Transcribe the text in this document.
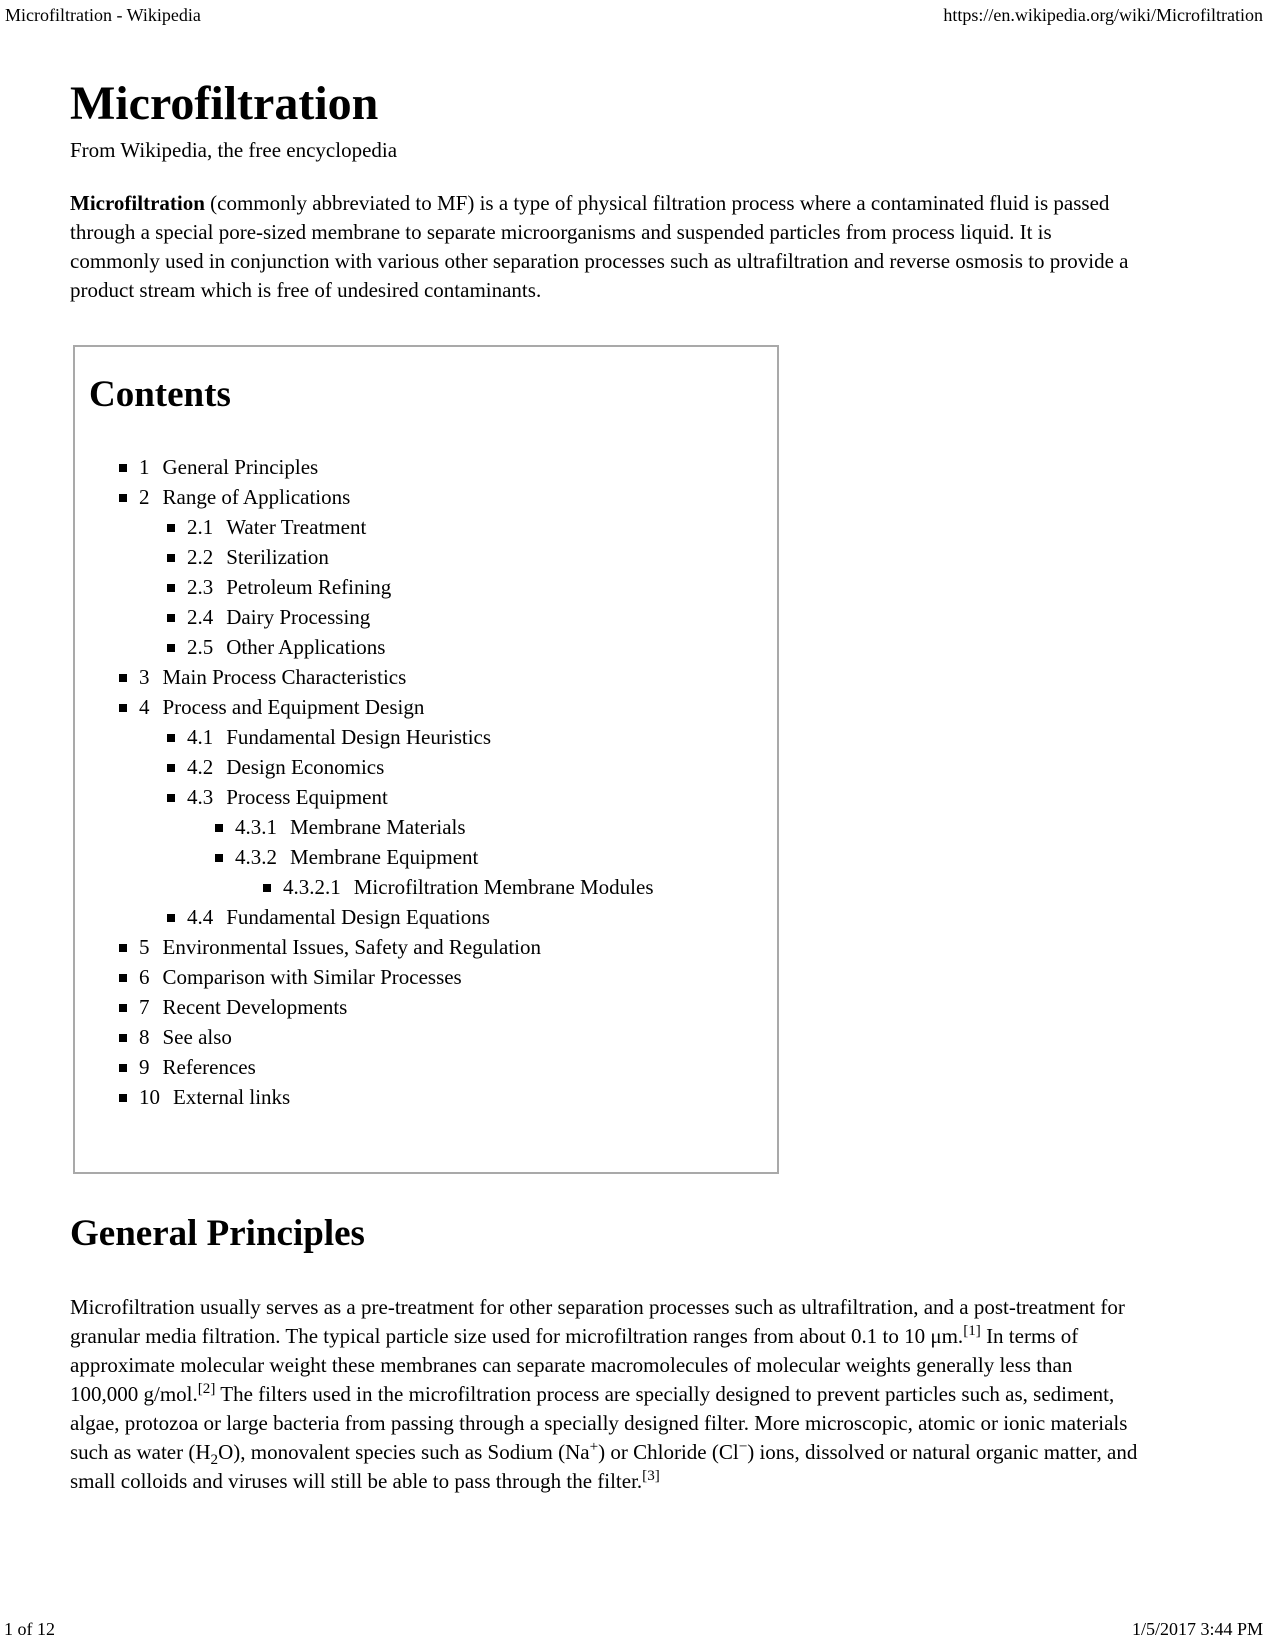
Microfiltration - Wikipedia	https://en.wikipedia.org/wiki/Microfiltration
Microfiltration

From Wikipedia, the free encyclopedia

Microfiltration (commonly abbreviated to MF) is a type of physical filtration process where a contaminated fluid is passed through a special pore-sized membrane to separate microorganisms and suspended particles from process liquid. It is commonly used in conjunction with various other separation processes such as ultrafiltration and reverse osmosis to provide a product stream which is free of undesired contaminants.

Contents
1 General Principles
2 Range of Applications
2.1 Water Treatment
2.2 Sterilization
2.3 Petroleum Refining
2.4 Dairy Processing
2.5 Other Applications
3 Main Process Characteristics
4 Process and Equipment Design
4.1 Fundamental Design Heuristics
4.2 Design Economics
4.3 Process Equipment
4.3.1 Membrane Materials
4.3.2 Membrane Equipment
4.3.2.1 Microfiltration Membrane Modules
4.4 Fundamental Design Equations
5 Environmental Issues, Safety and Regulation
6 Comparison with Similar Processes
7 Recent Developments
8 See also
9 References
10 External links
General Principles

Microfiltration usually serves as a pre-treatment for other separation processes such as ultrafiltration, and a post-treatment for granular media filtration. The typical particle size used for microfiltration ranges from about 0.1 to 10 μm.[1] In terms of approximate molecular weight these membranes can separate macromolecules of molecular weights generally less than 100,000 g/mol.[2] The filters used in the microfiltration process are specially designed to prevent particles such as, sediment, algae, protozoa or large bacteria from passing through a specially designed filter. More microscopic, atomic or ionic materials such as water $(H_2O)$, monovalent species such as Sodium (Na+) or Chloride (Cl−) ions, dissolved or natural organic matter, and small colloids and viruses will still be able to pass through the filter.[3]

1 of 12	1/5/2017 3:44 PM
